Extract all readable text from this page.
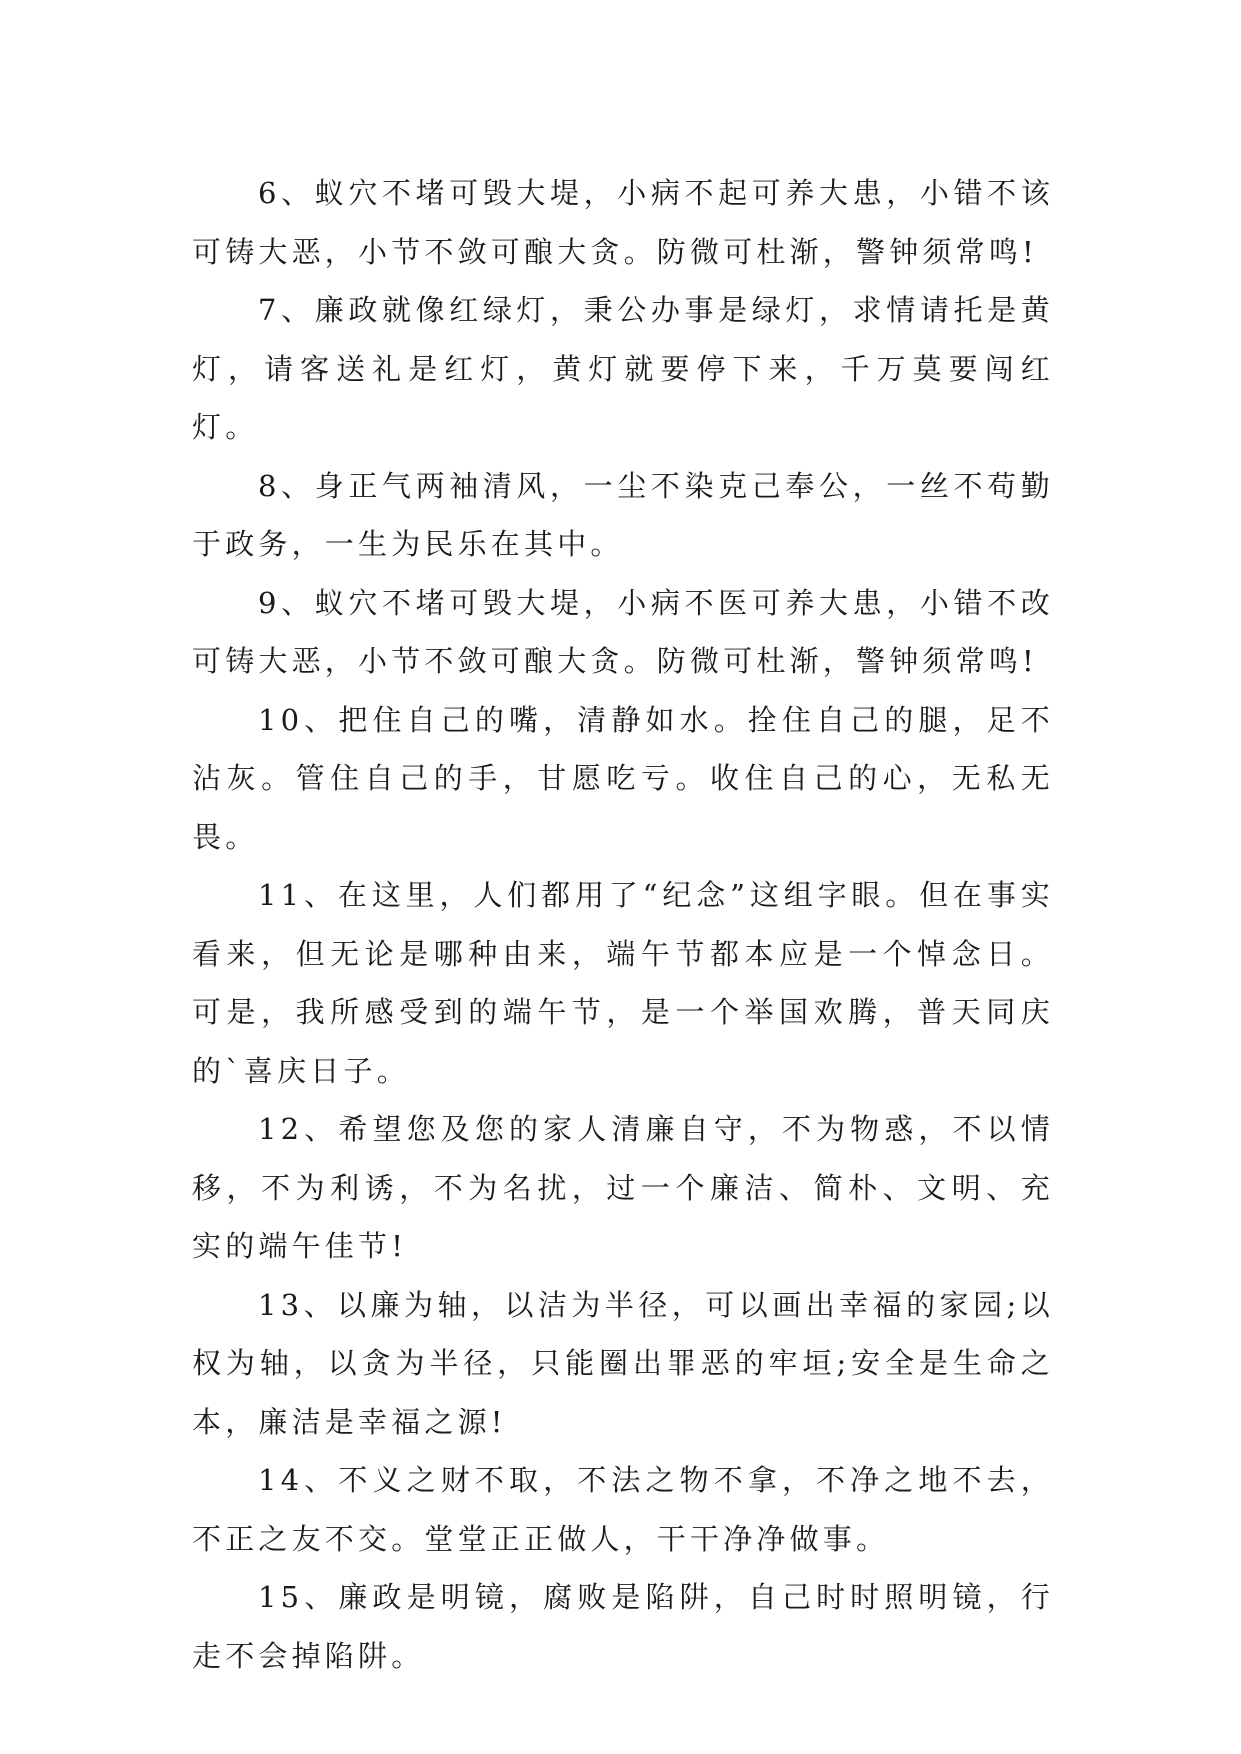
6、蚁穴不堵可毁大堤，小病不起可养大患，小错不该可铸大恶，小节不敛可酿大贪。防微可杜渐，警钟须常鸣!

7、廉政就像红绿灯，秉公办事是绿灯，求情请托是黄灯，请客送礼是红灯，黄灯就要停下来，千万莫要闯红灯。

8、身正气两袖清风，一尘不染克己奉公，一丝不苟勤于政务，一生为民乐在其中。

9、蚁穴不堵可毁大堤，小病不医可养大患，小错不改可铸大恶，小节不敛可酿大贪。防微可杜渐，警钟须常鸣!

10、把住自己的嘴，清静如水。拴住自己的腿，足不沾灰。管住自己的手，甘愿吃亏。收住自己的心，无私无畏。

11、在这里，人们都用了“纪念”这组字眼。但在事实看来，但无论是哪种由来，端午节都本应是一个悼念日。可是，我所感受到的端午节，是一个举国欢腾，普天同庆的`喜庆日子。

12、希望您及您的家人清廉自守，不为物惑，不以情移，不为利诱，不为名扰，过一个廉洁、简朴、文明、充实的端午佳节!

13、以廉为轴，以洁为半径，可以画出幸福的家园;以权为轴，以贪为半径，只能圈出罪恶的牢垣;安全是生命之本，廉洁是幸福之源!

14、不义之财不取，不法之物不拿，不净之地不去，不正之友不交。堂堂正正做人，干干净净做事。

15、廉政是明镜，腐败是陷阱，自己时时照明镜，行走不会掉陷阱。
